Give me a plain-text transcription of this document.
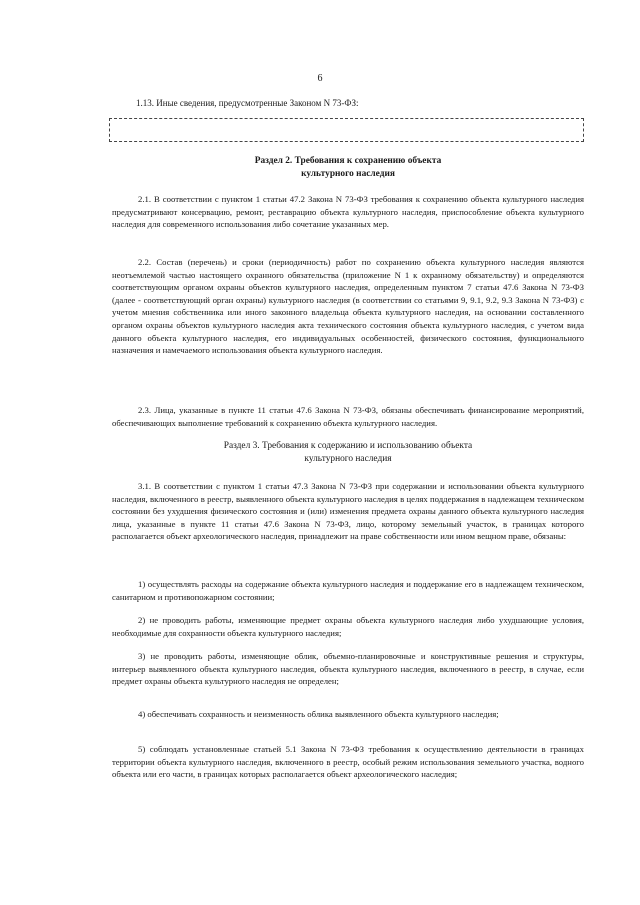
6
1.13. Иные сведения, предусмотренные Законом N 73-ФЗ:
Раздел 2. Требования к сохранению объекта
культурного наследия

2.1. В соответствии с пунктом 1 статьи 47.2 Закона N 73-ФЗ требования к сохранению объекта культурного наследия предусматривают консервацию, ремонт, реставрацию объекта культурного наследия, приспособление объекта культурного наследия для современного использования либо сочетание указанных мер.

2.2. Состав (перечень) и сроки (периодичность) работ по сохранению объекта культурного наследия являются неотъемлемой частью настоящего охранного обязательства (приложение N 1 к охранному обязательству) и определяются соответствующим органом охраны объектов культурного наследия, определенным пунктом 7 статьи 47.6 Закона N 73-ФЗ (далее - соответствующий орган охраны) культурного наследия (в соответствии со статьями 9, 9.1, 9.2, 9.3 Закона N 73-ФЗ) с учетом мнения собственника или иного законного владельца объекта культурного наследия, на основании составленного органом охраны объектов культурного наследия акта технического состояния объекта культурного наследия, с учетом вида данного объекта культурного наследия, его индивидуальных особенностей, физического состояния, функционального назначения и намечаемого использования объекта культурного наследия.

2.3. Лица, указанные в пункте 11 статьи 47.6 Закона N 73-ФЗ, обязаны обеспечивать финансирование мероприятий, обеспечивающих выполнение требований к сохранению объекта культурного наследия.

Раздел 3. Требования к содержанию и использованию объекта
культурного наследия

3.1. В соответствии с пунктом 1 статьи 47.3 Закона N 73-ФЗ при содержании и использовании объекта культурного наследия, включенного в реестр, выявленного объекта культурного наследия в целях поддержания в надлежащем техническом состоянии без ухудшения физического состояния и (или) изменения предмета охраны данного объекта культурного наследия лица, указанные в пункте 11 статьи 47.6 Закона N 73-ФЗ, лицо, которому земельный участок, в границах которого располагается объект археологического наследия, принадлежит на праве собственности или ином вещном праве, обязаны:

1) осуществлять расходы на содержание объекта культурного наследия и поддержание его в надлежащем техническом, санитарном и противопожарном состоянии;

2) не проводить работы, изменяющие предмет охраны объекта культурного наследия либо ухудшающие условия, необходимые для сохранности объекта культурного наследия;

3) не проводить работы, изменяющие облик, объемно-планировочные и конструктивные решения и структуры, интерьер выявленного объекта культурного наследия, объекта культурного наследия, включенного в реестр, в случае, если предмет охраны объекта культурного наследия не определен;

4) обеспечивать сохранность и неизменность облика выявленного объекта культурного наследия;

5) соблюдать установленные статьей 5.1 Закона N 73-ФЗ требования к осуществлению деятельности в границах территории объекта культурного наследия, включенного в реестр, особый режим использования земельного участка, водного объекта или его части, в границах которых располагается объект археологического наследия;
